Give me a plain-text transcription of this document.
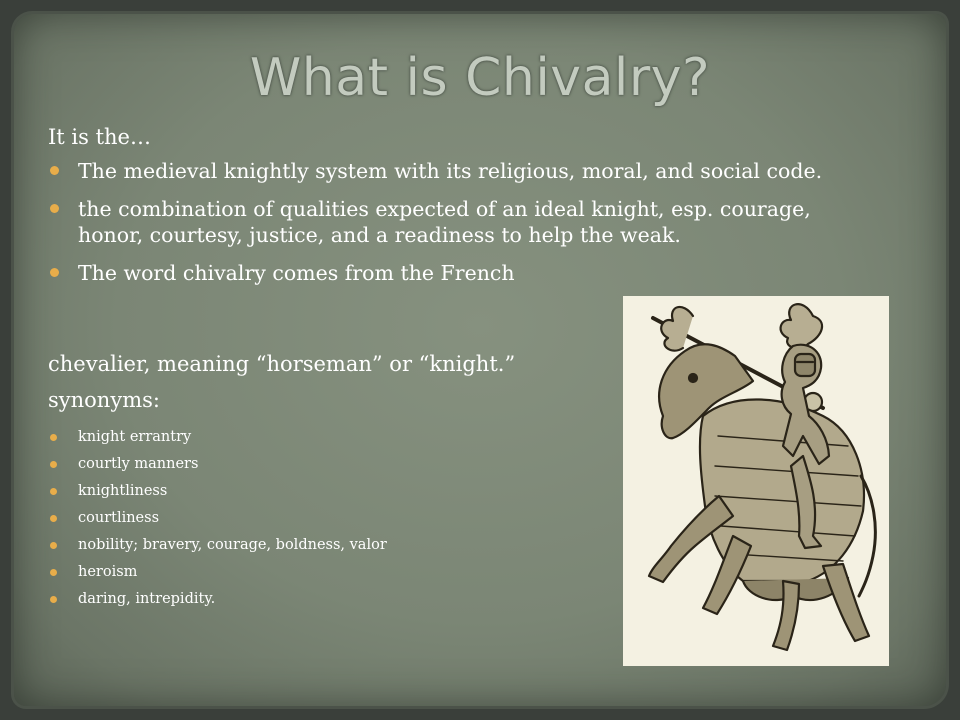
What is Chivalry?

It is the…

The medieval knightly system with its religious, moral, and social code.
the combination of qualities expected of an ideal knight, esp. courage, honor, courtesy, justice, and a readiness to help the weak.
The word chivalry comes from the French

chevalier, meaning “horseman” or “knight.”

synonyms:

knight errantry
courtly manners
knightliness
courtliness
nobility; bravery, courage, boldness, valor
heroism
daring, intrepidity.
